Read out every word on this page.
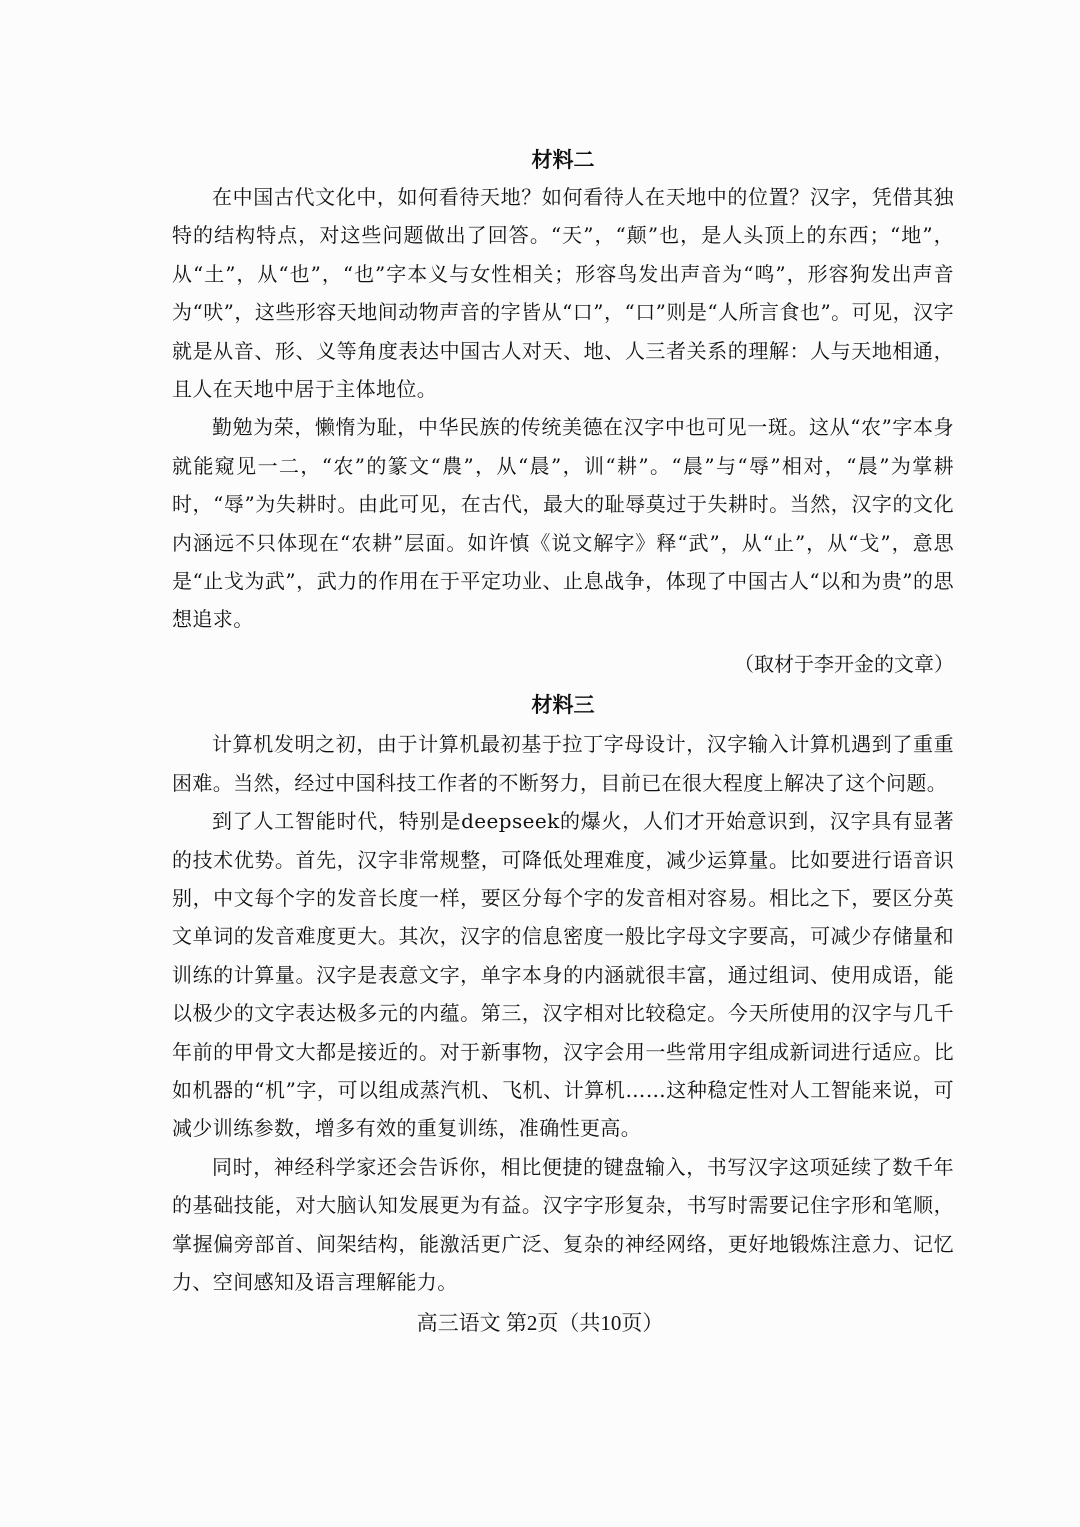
材料二

在中国古代文化中，如何看待天地？如何看待人在天地中的位置？汉字，凭借其独特的结构特点，对这些问题做出了回答。“天”，“颠”也，是人头顶上的东西；“地”，从“土”，从“也”，“也”字本义与女性相关；形容鸟发出声音为“鸣”，形容狗发出声音为“吠”，这些形容天地间动物声音的字皆从“口”，“口”则是“人所言食也”。可见，汉字就是从音、形、义等角度表达中国古人对天、地、人三者关系的理解：人与天地相通，且人在天地中居于主体地位。

勤勉为荣，懒惰为耻，中华民族的传统美德在汉字中也可见一斑。这从“农”字本身就能窥见一二，“农”的篆文“農”，从“晨”，训“耕”。“晨”与“辱”相对，“晨”为掌耕时，“辱”为失耕时。由此可见，在古代，最大的耻辱莫过于失耕时。当然，汉字的文化内涵远不只体现在“农耕”层面。如许慎《说文解字》释“武”，从“止”，从“戈”，意思是“止戈为武”，武力的作用在于平定功业、止息战争，体现了中国古人“以和为贵”的思想追求。

（取材于李开金的文章）

材料三

计算机发明之初，由于计算机最初基于拉丁字母设计，汉字输入计算机遇到了重重困难。当然，经过中国科技工作者的不断努力，目前已在很大程度上解决了这个问题。

到了人工智能时代，特别是deepseek的爆火，人们才开始意识到，汉字具有显著的技术优势。首先，汉字非常规整，可降低处理难度，减少运算量。比如要进行语音识别，中文每个字的发音长度一样，要区分每个字的发音相对容易。相比之下，要区分英文单词的发音难度更大。其次，汉字的信息密度一般比字母文字要高，可减少存储量和训练的计算量。汉字是表意文字，单字本身的内涵就很丰富，通过组词、使用成语，能以极少的文字表达极多元的内蕴。第三，汉字相对比较稳定。今天所使用的汉字与几千年前的甲骨文大都是接近的。对于新事物，汉字会用一些常用字组成新词进行适应。比如机器的“机”字，可以组成蒸汽机、飞机、计算机……这种稳定性对人工智能来说，可减少训练参数，增多有效的重复训练，准确性更高。

同时，神经科学家还会告诉你，相比便捷的键盘输入，书写汉字这项延续了数千年的基础技能，对大脑认知发展更为有益。汉字字形复杂，书写时需要记住字形和笔顺，掌握偏旁部首、间架结构，能激活更广泛、复杂的神经网络，更好地锻炼注意力、记忆力、空间感知及语言理解能力。

高三语文 第2页（共10页）
